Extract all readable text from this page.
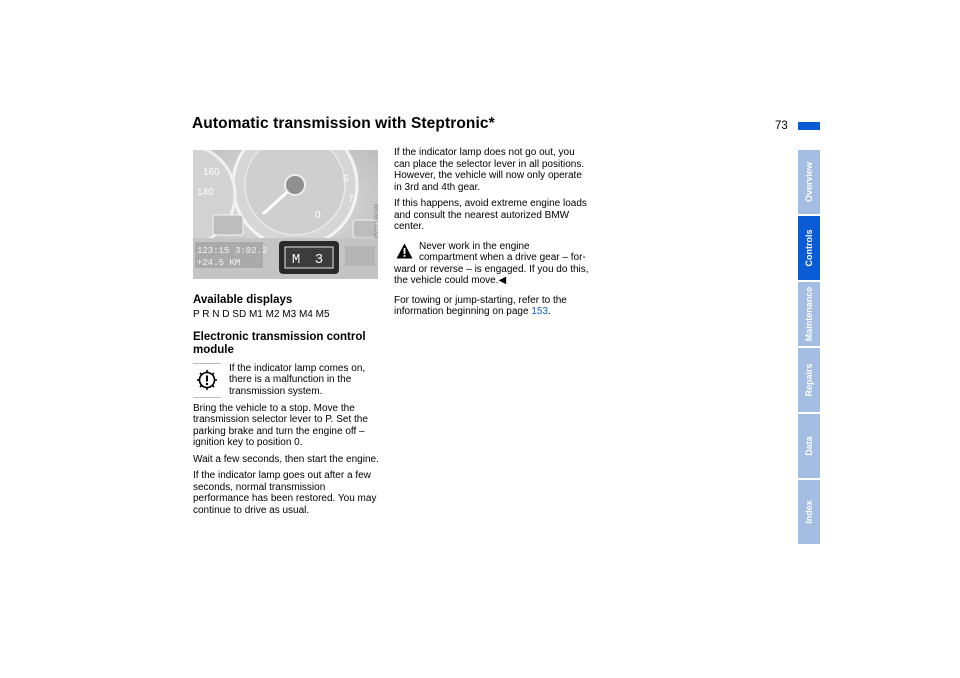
Automatic transmission with Steptronic*	73
Overview
Controls
Maintenance
Repairs
Data
Index
6
7
0
160
140
123:15 3:02.2
+24.5 KM	M 3
MW0713ACMA

Available displays

P R N D SD M1 M2 M3 M4 M5

Electronic transmission control module

If the indicator lamp comes on, there is a malfunction in the transmission system.

Bring the vehicle to a stop. Move the transmission selector lever to P. Set the parking brake and turn the engine off – ignition key to position 0.

Wait a few seconds, then start the engine.

If the indicator lamp goes out after a few seconds, normal transmission performance has been restored. You may continue to drive as usual.

If the indicator lamp does not go out, you can place the selector lever in all positions. However, the vehicle will now only operate in 3rd and 4th gear.

If this happens, avoid extreme engine loads and consult the nearest autorized BMW center.

Never work in the engine compartment when a drive gear – for-
ward or reverse – is engaged. If you do this, the vehicle could move.◀

For towing or jump-starting, refer to the information beginning on page 153.
